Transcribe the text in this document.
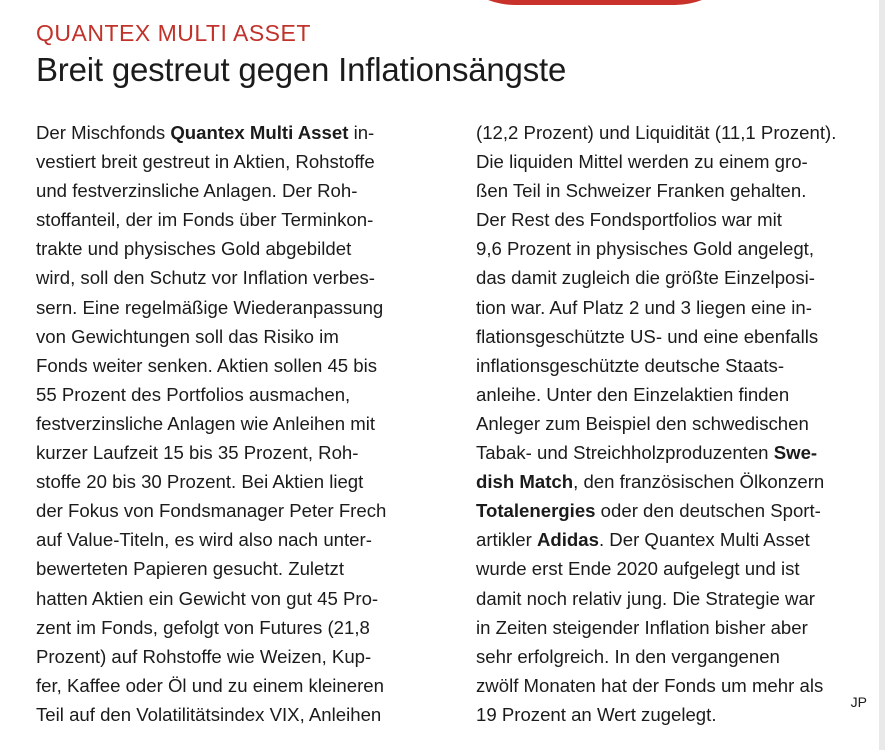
QUANTEX MULTI ASSET
Breit gestreut gegen Inflationsängste
Der Mischfonds Quantex Multi Asset in-
vestiert breit gestreut in Aktien, Rohstoffe
und festverzinsliche Anlagen. Der Roh-
stoffanteil, der im Fonds über Terminkon-
trakte und physisches Gold abgebildet
wird, soll den Schutz vor Inflation verbes-
sern. Eine regelmäßige Wiederanpassung
von Gewichtungen soll das Risiko im
Fonds weiter senken. Aktien sollen 45 bis
55 Prozent des Portfolios ausmachen,
festverzinsliche Anlagen wie Anleihen mit
kurzer Laufzeit 15 bis 35 Prozent, Roh-
stoffe 20 bis 30 Prozent. Bei Aktien liegt
der Fokus von Fondsmanager Peter Frech
auf Value-Titeln, es wird also nach unter-
bewerteten Papieren gesucht. Zuletzt
hatten Aktien ein Gewicht von gut 45 Pro-
zent im Fonds, gefolgt von Futures (21,8
Prozent) auf Rohstoffe wie Weizen, Kup-
fer, Kaffee oder Öl und zu einem kleineren
Teil auf den Volatilitätsindex VIX, Anleihen
(12,2 Prozent) und Liquidität (11,1 Prozent).
Die liquiden Mittel werden zu einem gro-
ßen Teil in Schweizer Franken gehalten.
Der Rest des Fondsportfolios war mit
9,6 Prozent in physisches Gold angelegt,
das damit zugleich die größte Einzelposi-
tion war. Auf Platz 2 und 3 liegen eine in-
flationsgeschützte US- und eine ebenfalls
inflationsgeschützte deutsche Staats-
anleihe. Unter den Einzelaktien finden
Anleger zum Beispiel den schwedischen
Tabak- und Streichholzproduzenten Swe-
dish Match, den französischen Ölkonzern
Totalenergies oder den deutschen Sport-
artikler Adidas. Der Quantex Multi Asset
wurde erst Ende 2020 aufgelegt und ist
damit noch relativ jung. Die Strategie war
in Zeiten steigender Inflation bisher aber
sehr erfolgreich. In den vergangenen
zwölf Monaten hat der Fonds um mehr als
19 Prozent an Wert zugelegt.
JP
